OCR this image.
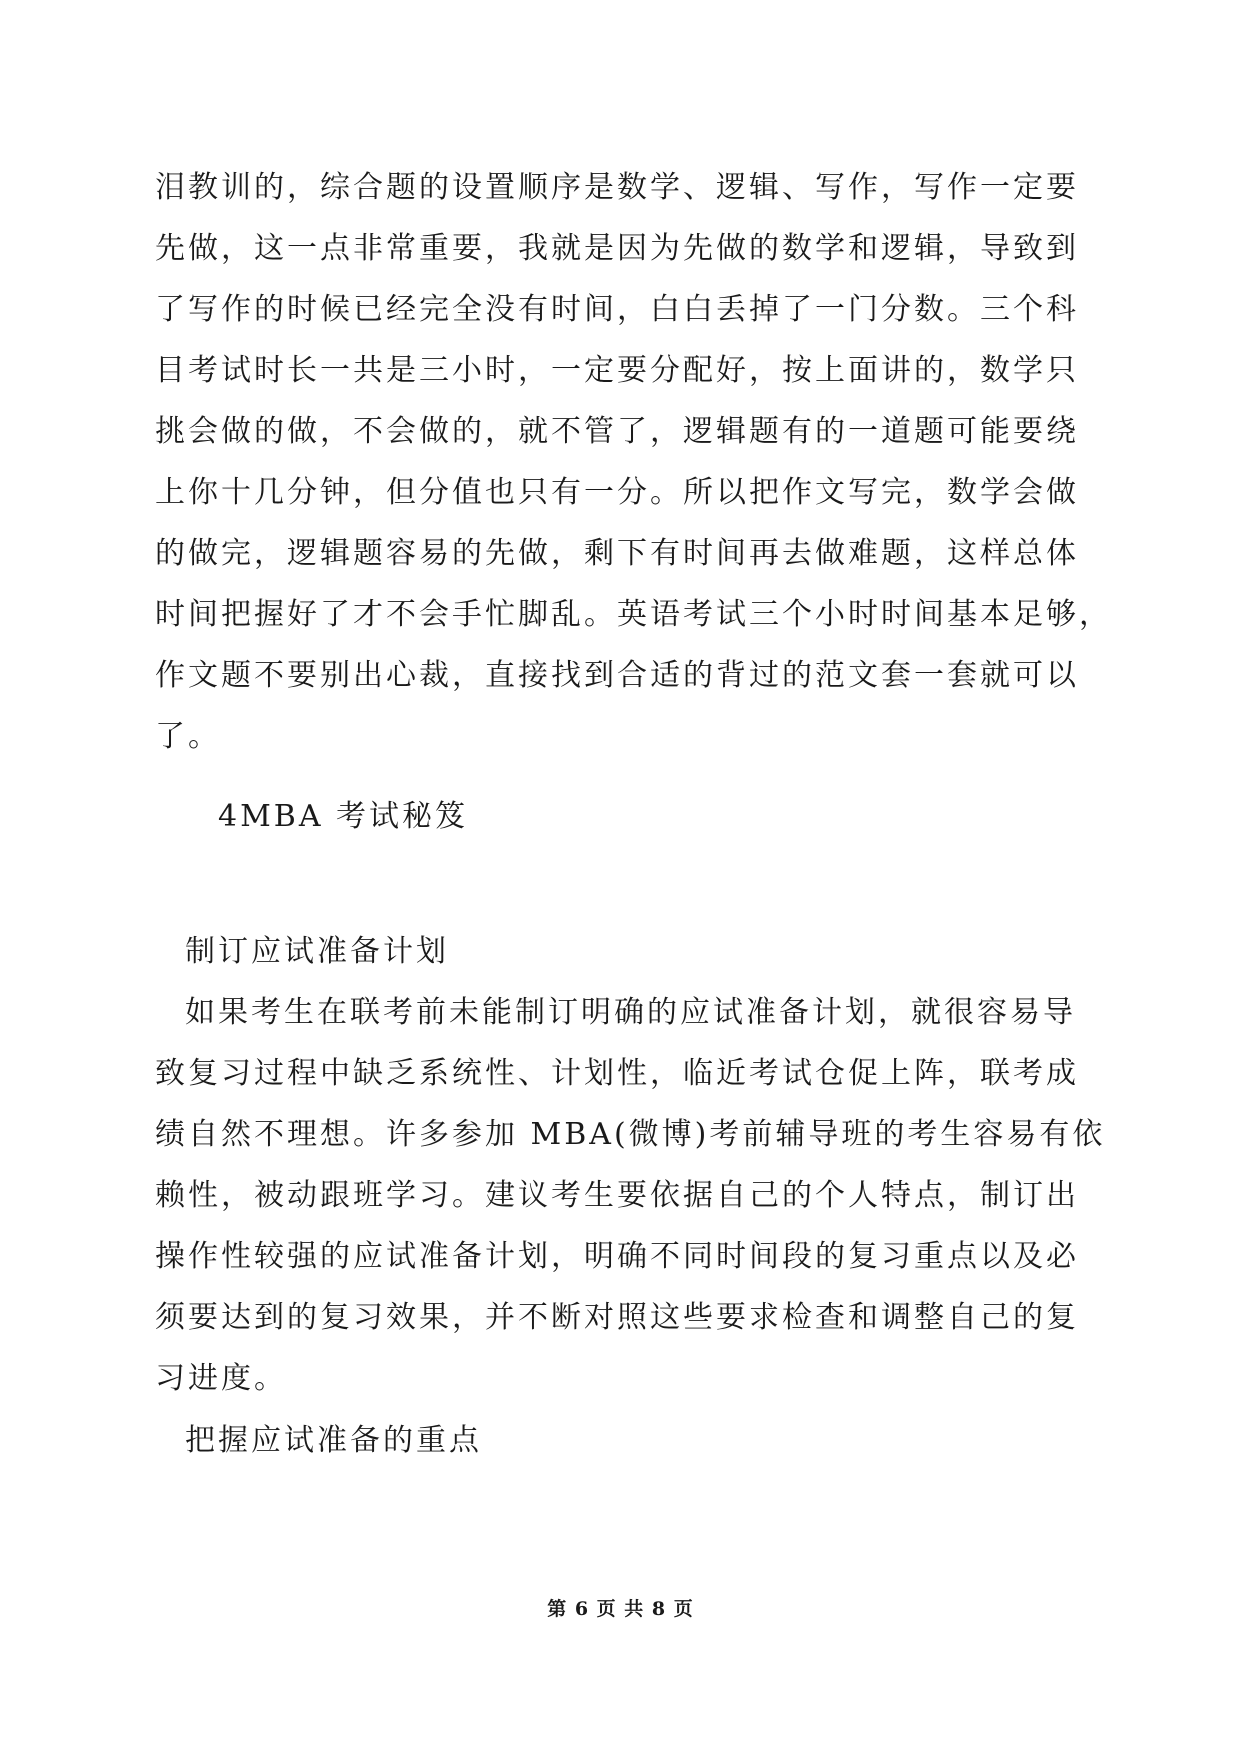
泪教训的，综合题的设置顺序是数学、逻辑、写作，写作一定要
先做，这一点非常重要，我就是因为先做的数学和逻辑，导致到
了写作的时候已经完全没有时间，白白丢掉了一门分数。三个科
目考试时长一共是三小时，一定要分配好，按上面讲的，数学只
挑会做的做，不会做的，就不管了，逻辑题有的一道题可能要绕
上你十几分钟，但分值也只有一分。所以把作文写完，数学会做
的做完，逻辑题容易的先做，剩下有时间再去做难题，这样总体
时间把握好了才不会手忙脚乱。英语考试三个小时时间基本足够，
作文题不要别出心裁，直接找到合适的背过的范文套一套就可以
了。
4MBA 考试秘笈
制订应试准备计划
如果考生在联考前未能制订明确的应试准备计划，就很容易导
致复习过程中缺乏系统性、计划性，临近考试仓促上阵，联考成
绩自然不理想。许多参加 MBA(微博)考前辅导班的考生容易有依
赖性，被动跟班学习。建议考生要依据自己的个人特点，制订出
操作性较强的应试准备计划，明确不同时间段的复习重点以及必
须要达到的复习效果，并不断对照这些要求检查和调整自己的复
习进度。
把握应试准备的重点
第 6 页 共 8 页
